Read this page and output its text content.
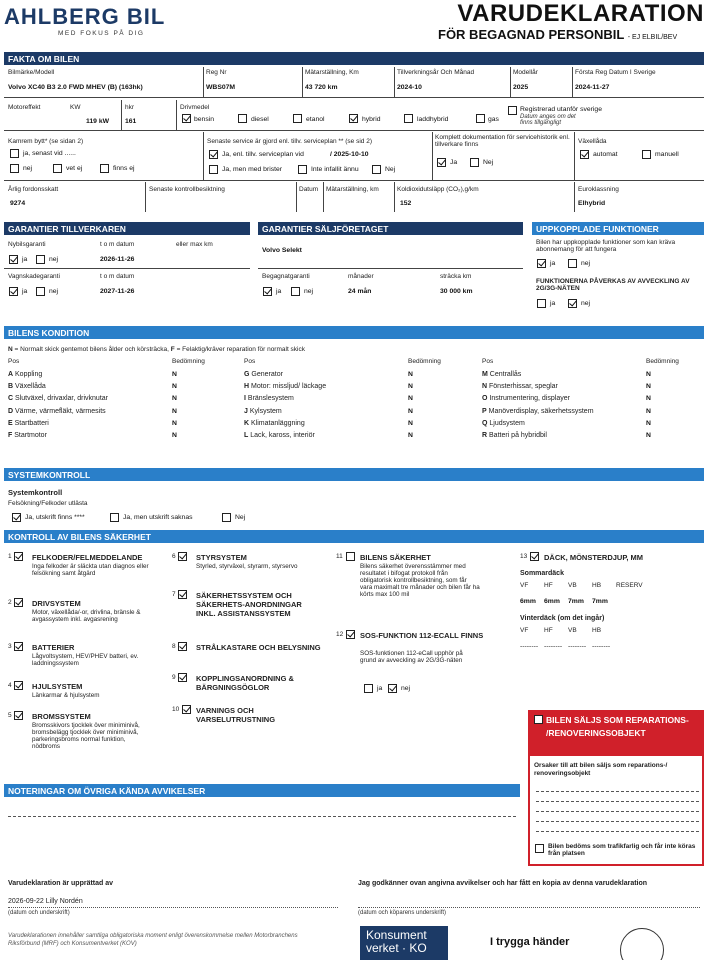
AHLBERG BIL
MED FOKUS PÅ DIG
VARUDEKLARATION
FÖR BEGAGNAD PERSONBIL - EJ ELBIL/BEV
FAKTA OM BILEN
Bilmärke/Modell
Volvo XC40 B3 2.0 FWD MHEV (B) (163hk)
Reg Nr
WBS07M
Mätarställning, Km
43 720 km
Tillverkningsår Och Månad
2024-10
Modellår
2025
Första Reg Datum I Sverige
2024-11-27
Motoreffekt	KW
119 kW
hkr
161
Drivmedel
bensin	diesel	etanol	hybrid	laddhybrid	gas
Registrerad utanför sverige
Datum anges om det finns tillgängligt
Kamrem bytt* (se sidan 2)
ja, senast vid ......
nej	vet ej	finns ej
Senaste service är gjord enl. tillv. serviceplan ** (se sid 2)
Ja, enl. tillv. serviceplan vid	/ 2025-10-10
Ja, men med brister	Inte infallit ännu	Nej
Komplett dokumentation för servicehistorik enl. tillverkare finns
Ja	Nej
Växellåda
automat	manuell
Årlig fordonsskatt
9274
Senaste kontrollbesiktning	Datum Mätarställning, km	Koldioxidutsläpp (CO₂),g/km
152
Euroklassning
Elhybrid
GARANTIER TILLVERKAREN
Nybilsgaranti	t o m datum	eller max km
ja	nej	2026-11-26
Vagnskadegaranti	t o m datum
ja	nej	2027-11-26
GARANTIER SÄLJFÖRETAGET
Volvo Selekt
Begagnatgaranti	månader	sträcka km
ja	nej	24 mån	30 000 km
UPPKOPPLADE FUNKTIONER
Bilen har uppkopplade funktioner som kan kräva abonnemang för att fungera
ja	nej
FUNKTIONERNA PÅVERKAS AV AVVECKLING AV 2G/3G-NÄTEN
ja	nej
BILENS KONDITION
N = Normalt skick gentemot bilens ålder och körsträcka, F = Felaktig/kräver reparation för normalt skick
Pos	Bedömning
A Koppling	N
B Växellåda	N
C Slutväxel, drivaxlar, drivknutar	N
D Värme, värmefläkt, värmesits	N
E Startbatteri	N
F Startmotor	N
Pos	Bedömning
G Generator	N
H Motor: missljud/ läckage	N
I Bränslesystem	N
J Kylsystem	N
K Klimatanläggning	N
L Lack, kaross, interiör	N
Pos	Bedömning
M Centrallås	N
N Fönsterhissar, speglar	N
O Instrumentering, displayer	N
P Manöverdisplay, säkerhetssystem	N
Q Ljudsystem	N
R Batteri på hybridbil	N
SYSTEMKONTROLL
Systemkontroll
Felsökning/Felkoder utlästa
Ja, utskrift finns ****	Ja, men utskrift saknas	Nej
KONTROLL AV BILENS SÄKERHET
1	FELKODER/FELMEDDELANDE
Inga felkoder är släckta utan diagnos eller felsökning samt åtgärd
2	DRIVSYSTEM
Motor, växellåda/-or, drivlina, bränsle & avgassystem inkl. avgasrening
3	BATTERIER
Lågvoltsystem, HEV/PHEV batteri, ev. laddningssystem
4	HJULSYSTEM
Länkarmar & hjulsystem
5	BROMSSYSTEM
Bromsskivors tjocklek över miniminivå, bromsbelägg tjocklek över miniminivå, parkeringsbroms normal funktion, nödbroms
6	STYRSYSTEM
Styrled, styrväxel, styrarm, styrservo
7	SÄKERHETSSYSTEM OCH SÄKERHETS-ANORDNINGAR INKL. ASSISTANSSYSTEM
8	STRÅLKASTARE OCH BELYSNING
9	KOPPLINGSANORDNING & BÄRGNINGSÖGLOR
10 VARNINGS OCH VARSELUTRUSTNING
11 BILENS SÄKERHET
Bilens säkerhet överensstämmer med resultatet i bifogat protokoll från obligatorisk kontrollbesiktning, som får vara maximalt tre månader och bilen får ha körts max 100 mil
12 SOS-FUNKTION 112-ECALL FINNS
SOS-funktionen 112-eCall upphör på grund av avveckling av 2G/3G-näten
13 DÄCK, MÖNSTERDJUP, MM
ja	nej
Sommardäck
VF HF VB HB RESERV
6mm 6mm 7mm 7mm
VF HF VB HB
-------- -------- -------- --------
Vinterdäck (om det ingår)
BILEN SÄLJS SOM REPARATIONS- /RENOVERINGSOBJEKT
Orsaker till att bilen säljs som reparations-/ renoveringsobjekt
Bilen bedöms som trafikfarlig och får inte köras från platsen
NOTERINGAR OM ÖVRIGA KÄNDA AVVIKELSER
Varudeklaration är upprättad av
2026-09-22 Lilly Nordén
(datum och underskrift)
Jag godkänner ovan angivna avvikelser och har fått en kopia av denna varudeklaration
(datum och köparens underskrift)
Varudeklarationen innehåller samtliga obligatoriska moment enligt överenskommelse mellen Motorbranchens Riksförbund (MRF) och Konsumentverket (KOV)
Konsument
verket · KO	I trygga händer
